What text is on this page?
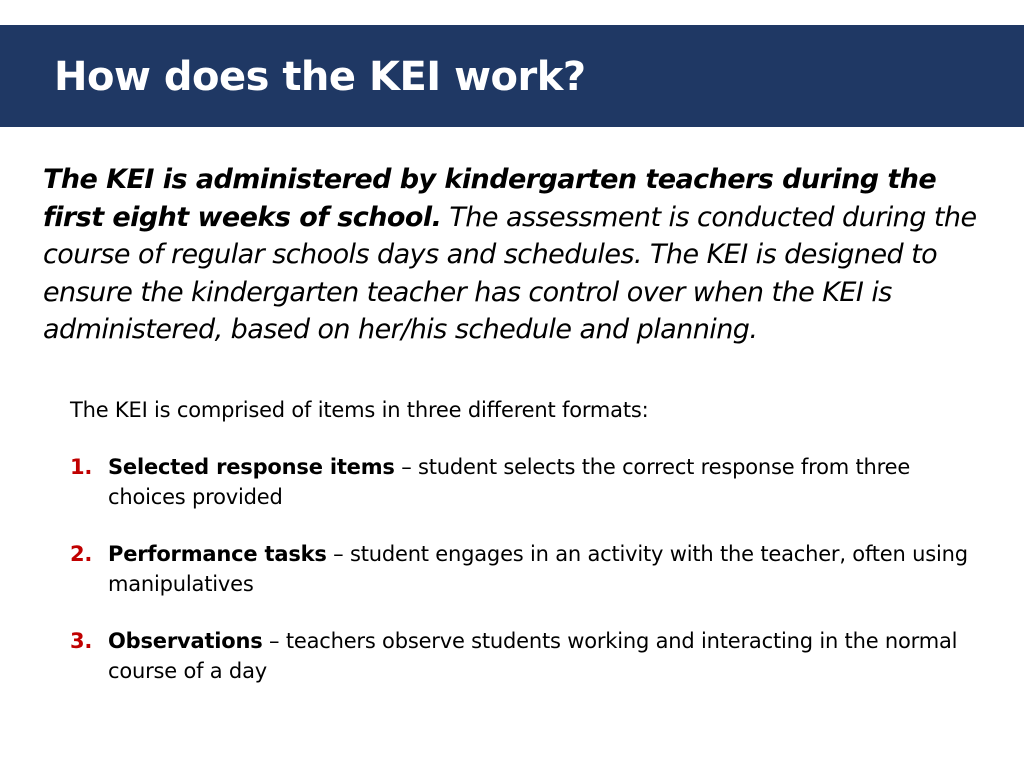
How does the KEI work?

The KEI is administered by kindergarten teachers during the first eight weeks of school. The assessment is conducted during the course of regular schools days and schedules. The KEI is designed to ensure the kindergarten teacher has control over when the KEI is administered, based on her/his schedule and planning.

The KEI is comprised of items in three different formats:
1. Selected response items – student selects the correct response from three choices provided
2. Performance tasks – student engages in an activity with the teacher, often using manipulatives
3. Observations – teachers observe students working and interacting in the normal course of a day
